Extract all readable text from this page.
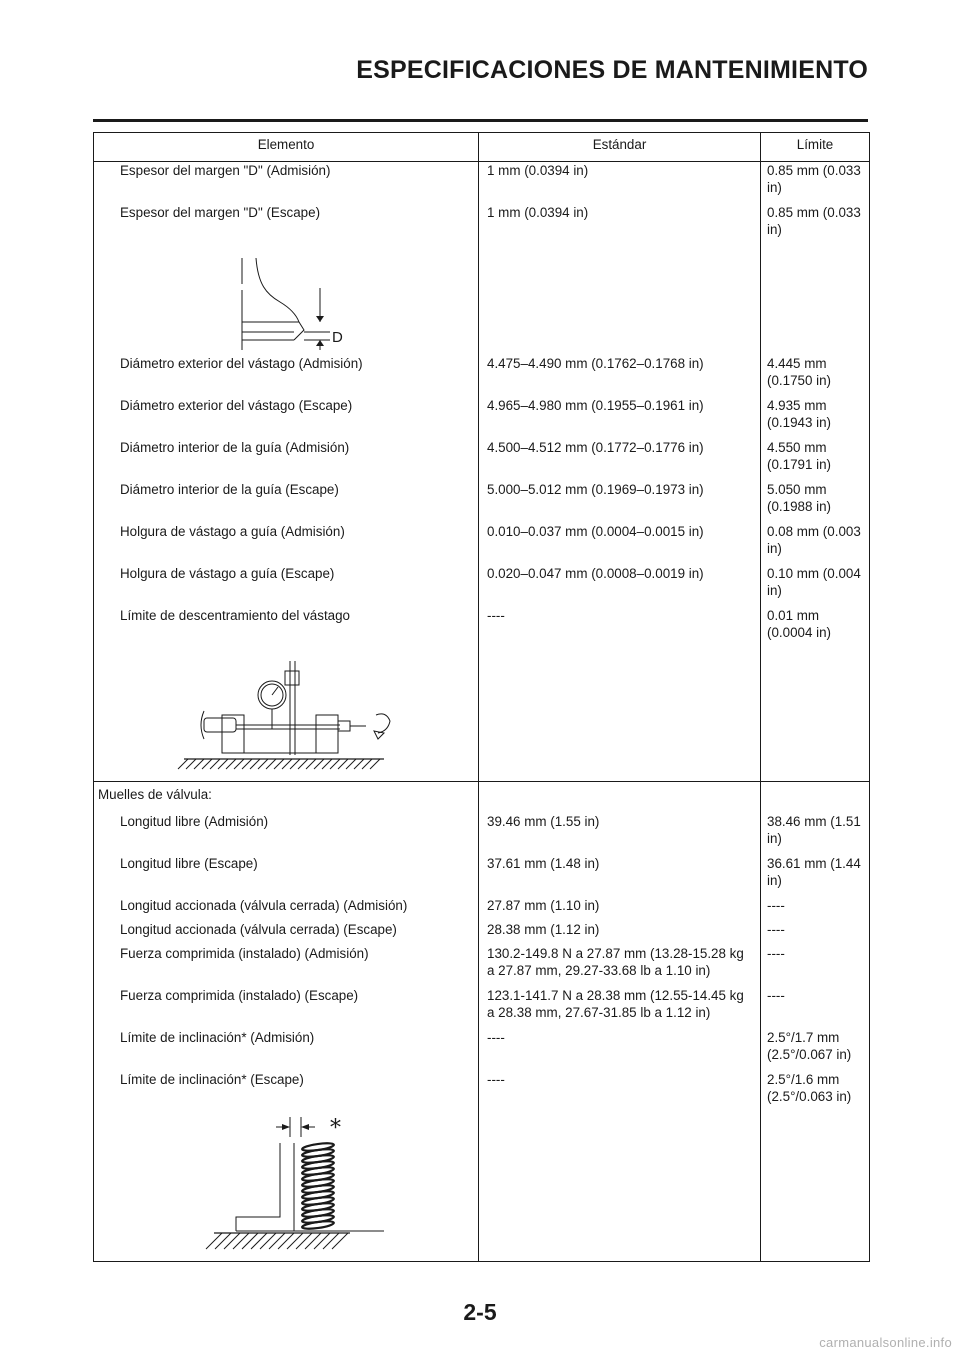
ESPECIFICACIONES DE MANTENIMIENTO
Elemento	Estándar	Límite
Espesor del margen "D" (Admisión)	1 mm (0.0394 in)	0.85 mm (0.033 in)
Espesor del margen "D" (Escape)	1 mm (0.0394 in)	0.85 mm (0.033 in)

D		

Diámetro exterior del vástago (Admisión)	4.475–4.490 mm (0.1762–0.1768 in)	4.445 mm (0.1750 in)
Diámetro exterior del vástago (Escape)	4.965–4.980 mm (0.1955–0.1961 in)	4.935 mm (0.1943 in)
Diámetro interior de la guía (Admisión)	4.500–4.512 mm (0.1772–0.1776 in)	4.550 mm (0.1791 in)
Diámetro interior de la guía (Escape)	5.000–5.012 mm (0.1969–0.1973 in)	5.050 mm (0.1988 in)
Holgura de vástago a guía (Admisión)	0.010–0.037 mm (0.0004–0.0015 in)	0.08 mm (0.003 in)
Holgura de vástago a guía (Escape)	0.020–0.047 mm (0.0008–0.0019 in)	0.10 mm (0.004 in)
Límite de descentramiento del vástago	----	0.01 mm (0.0004 in)

Muelles de válvula:		
Longitud libre (Admisión)	39.46 mm (1.55 in)	38.46 mm (1.51 in)
Longitud libre (Escape)	37.61 mm (1.48 in)	36.61 mm (1.44 in)
Longitud accionada (válvula cerrada) (Admisión)	27.87 mm (1.10 in)	----
Longitud accionada (válvula cerrada) (Escape)	28.38 mm (1.12 in)	----
Fuerza comprimida (instalado) (Admisión)	130.2-149.8 N a 27.87 mm (13.28-15.28 kg a 27.87 mm, 29.27-33.68 lb a 1.10 in)	----
Fuerza comprimida (instalado) (Escape)	123.1-141.7 N a 28.38 mm (12.55-14.45 kg a 28.38 mm, 27.67-31.85 lb a 1.12 in)	----
Límite de inclinación* (Admisión)	----	2.5°/1.7 mm (2.5°/0.067 in)
Límite de inclinación* (Escape)	----	2.5°/1.6 mm (2.5°/0.063 in)

*		

2-5
carmanualsonline.info
